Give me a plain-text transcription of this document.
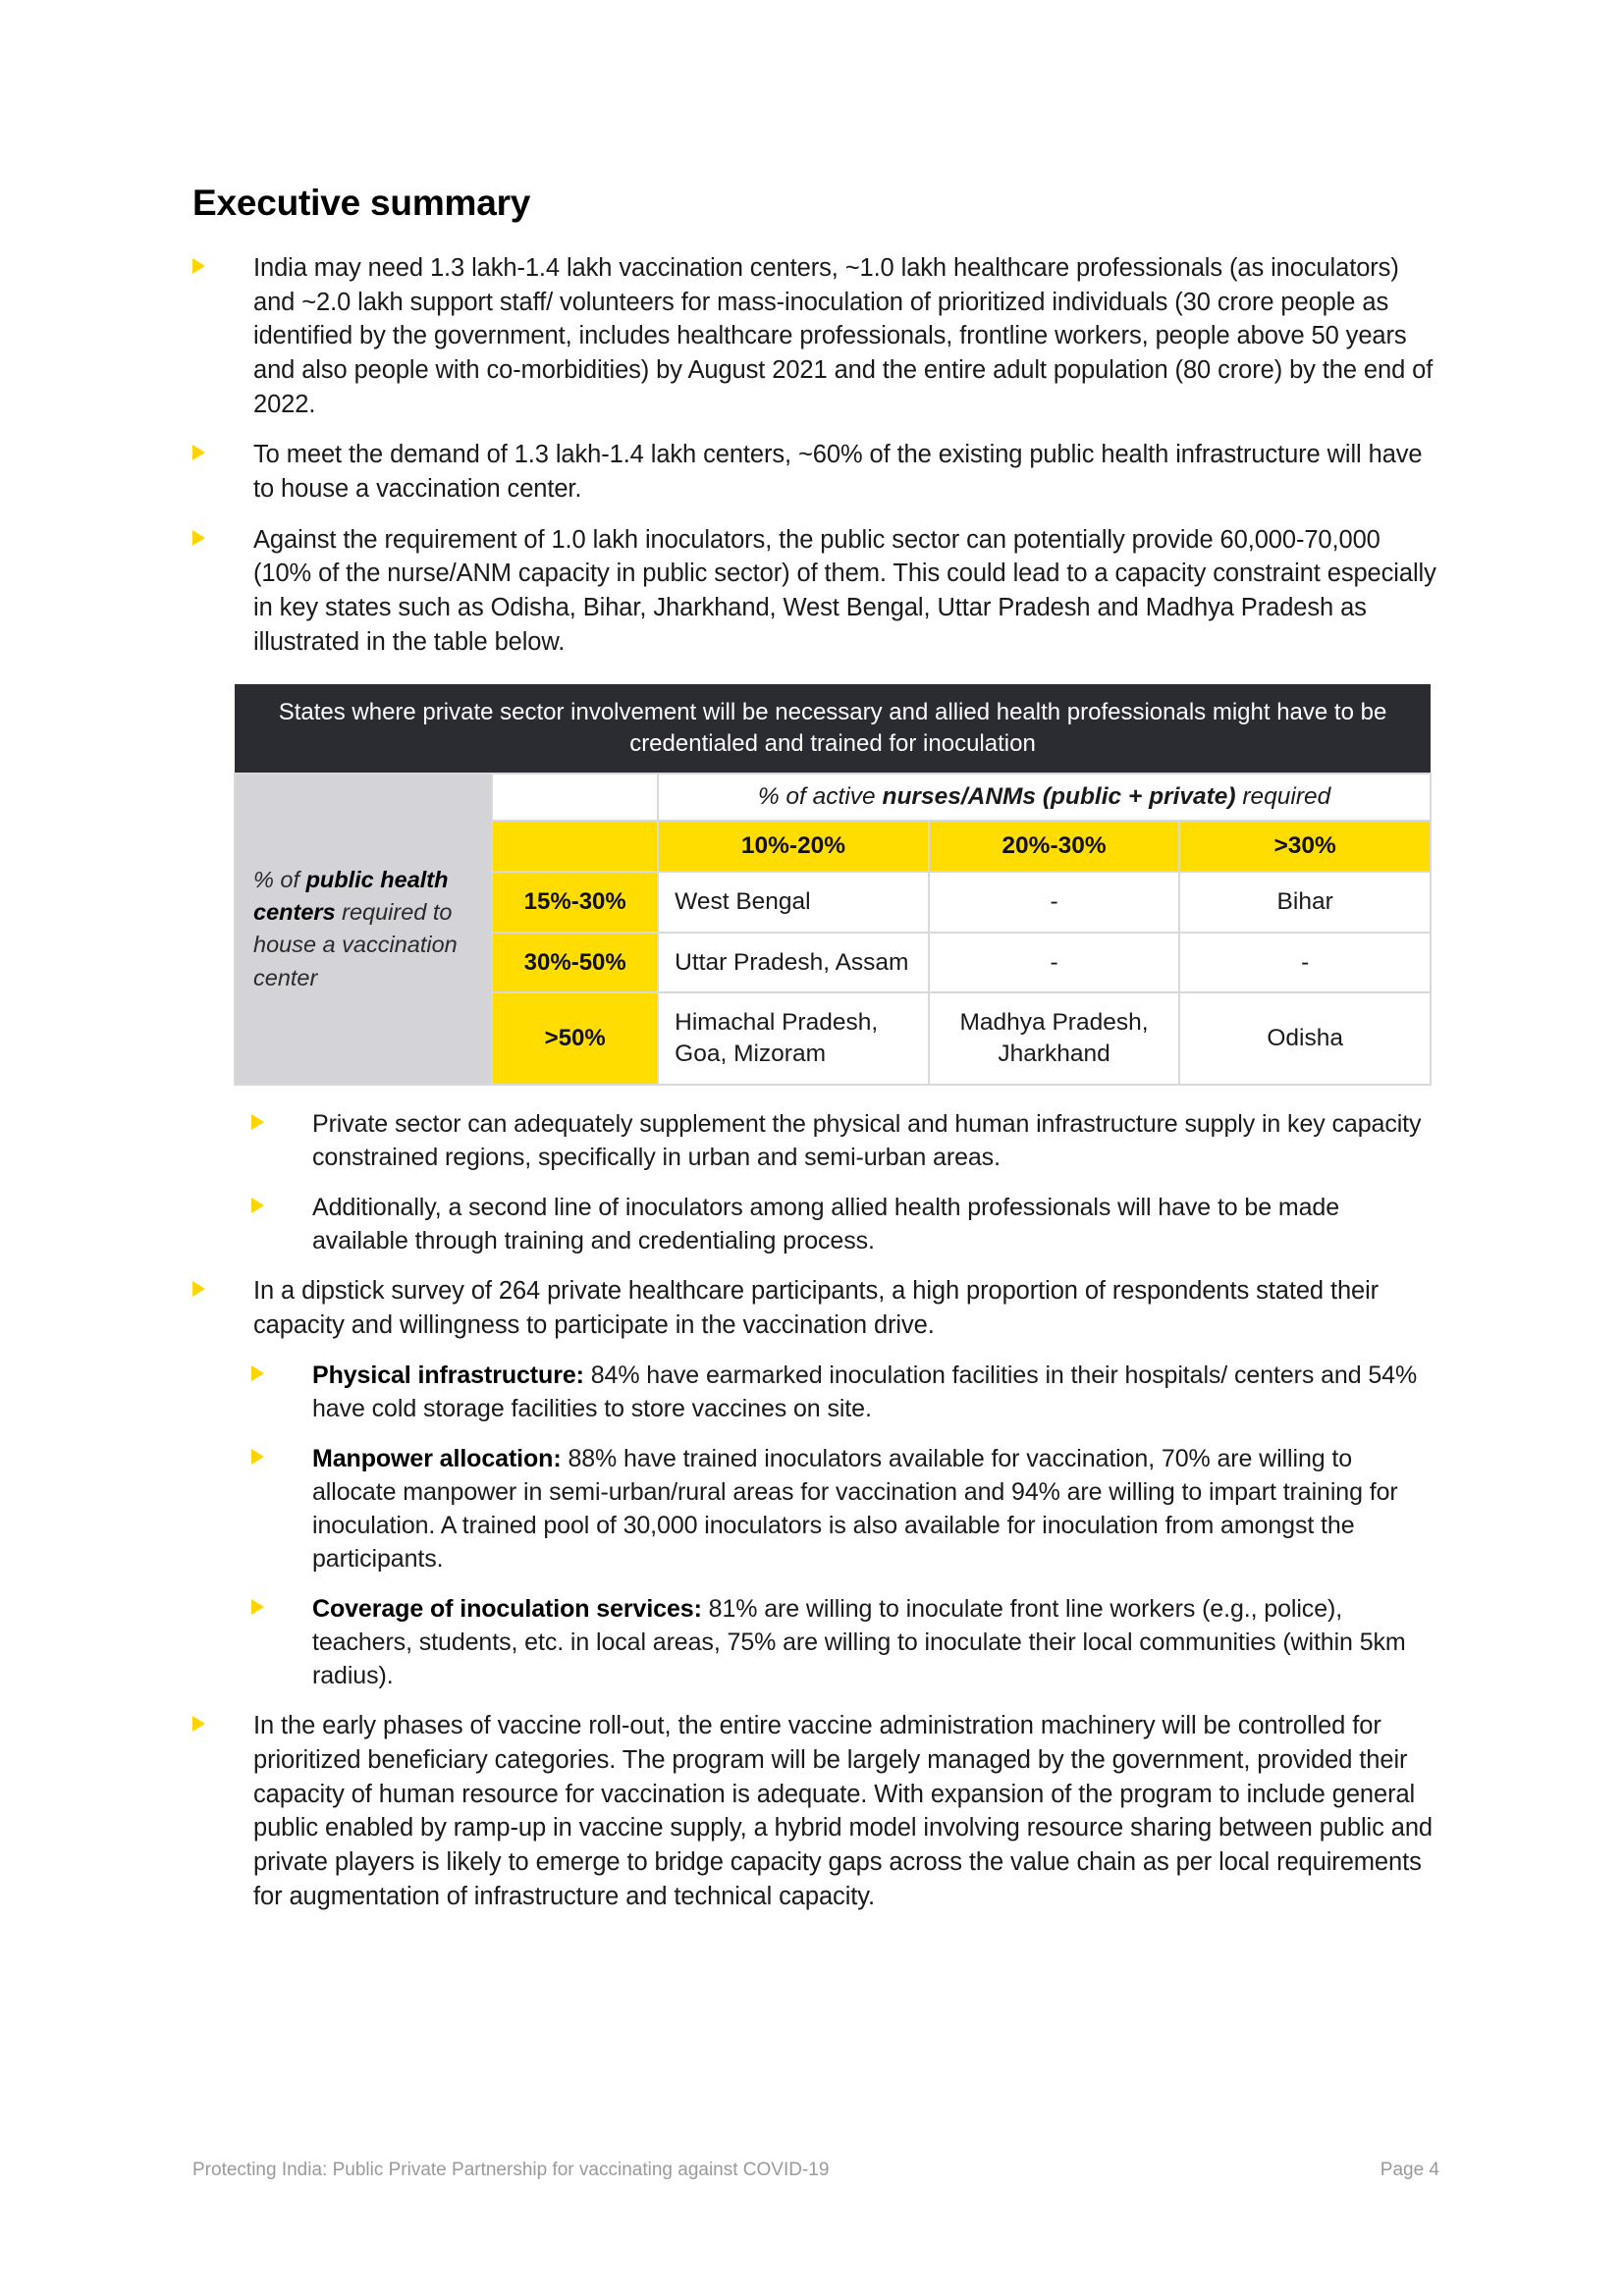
Executive summary
India may need 1.3 lakh-1.4 lakh vaccination centers, ~1.0 lakh healthcare professionals (as inoculators) and ~2.0 lakh support staff/ volunteers for mass-inoculation of prioritized individuals (30 crore people as identified by the government, includes healthcare professionals, frontline workers, people above 50 years and also people with co-morbidities) by August 2021 and the entire adult population (80 crore) by the end of 2022.
To meet the demand of 1.3 lakh-1.4 lakh centers, ~60% of the existing public health infrastructure will have to house a vaccination center.
Against the requirement of 1.0 lakh inoculators, the public sector can potentially provide 60,000-70,000 (10% of the nurse/ANM capacity in public sector) of them. This could lead to a capacity constraint especially in key states such as Odisha, Bihar, Jharkhand, West Bengal, Uttar Pradesh and Madhya Pradesh as illustrated in the table below.
States where private sector involvement will be necessary and allied health professionals might have to be credentialed and trained for inoculation				
% of public health centers required to house a vaccination center		% of active nurses/ANMs (public + private) required		
		10%-20%	20%-30%	>30%
	15%-30%	West Bengal	-	Bihar
	30%-50%	Uttar Pradesh, Assam	-	-
	>50%	Himachal Pradesh, Goa, Mizoram	Madhya Pradesh, Jharkhand	Odisha
Private sector can adequately supplement the physical and human infrastructure supply in key capacity constrained regions, specifically in urban and semi-urban areas.
Additionally, a second line of inoculators among allied health professionals will have to be made available through training and credentialing process.
In a dipstick survey of 264 private healthcare participants, a high proportion of respondents stated their capacity and willingness to participate in the vaccination drive.
Physical infrastructure: 84% have earmarked inoculation facilities in their hospitals/ centers and 54% have cold storage facilities to store vaccines on site.
Manpower allocation: 88% have trained inoculators available for vaccination, 70% are willing to allocate manpower in semi-urban/rural areas for vaccination and 94% are willing to impart training for inoculation. A trained pool of 30,000 inoculators is also available for inoculation from amongst the participants.
Coverage of inoculation services: 81% are willing to inoculate front line workers (e.g., police), teachers, students, etc. in local areas, 75% are willing to inoculate their local communities (within 5km radius).
In the early phases of vaccine roll-out, the entire vaccine administration machinery will be controlled for prioritized beneficiary categories. The program will be largely managed by the government, provided their capacity of human resource for vaccination is adequate. With expansion of the program to include general public enabled by ramp-up in vaccine supply, a hybrid model involving resource sharing between public and private players is likely to emerge to bridge capacity gaps across the value chain as per local requirements for augmentation of infrastructure and technical capacity.
Protecting India: Public Private Partnership for vaccinating against COVID-19	Page 4
